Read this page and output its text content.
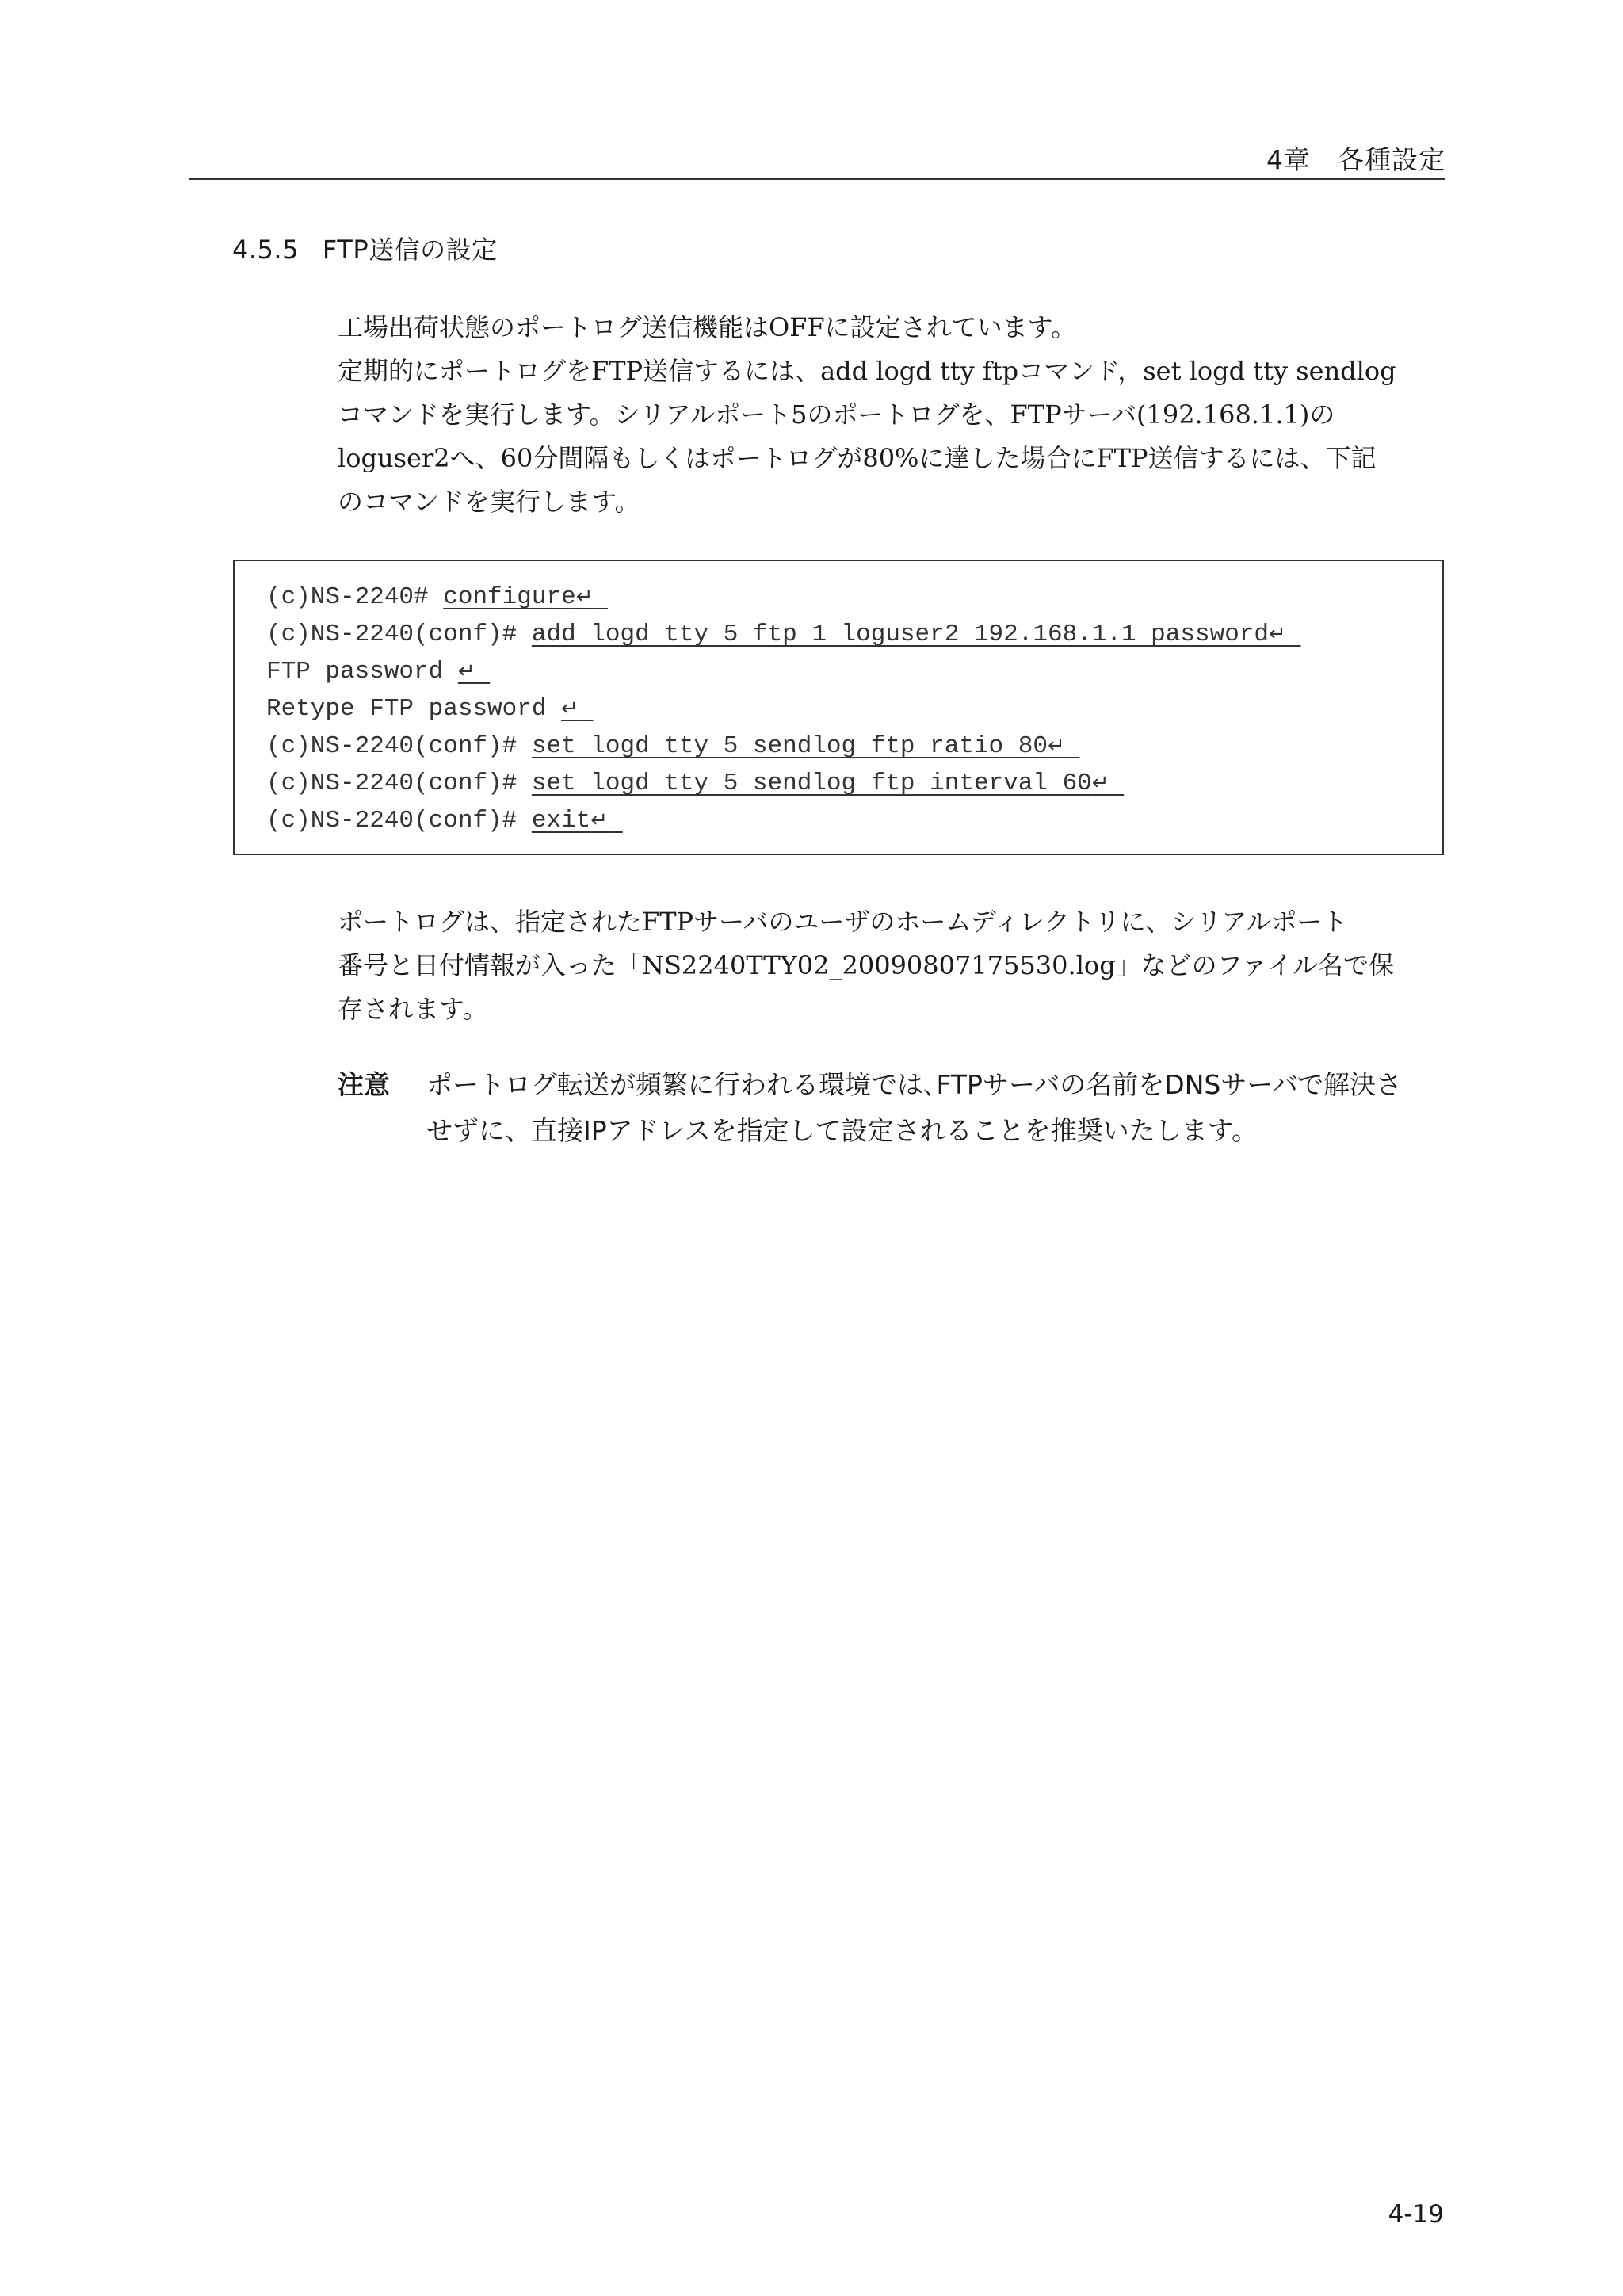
4章　各種設定
4.5.5 FTP送信の設定
工場出荷状態のポートログ送信機能はOFFに設定されています。
定期的にポートログをFTP送信するには、add logd tty ftpコマンド，set logd tty sendlog
コマンドを実行します。シリアルポート5のポートログを、FTPサーバ(192.168.1.1)の
loguser2へ、60分間隔もしくはポートログが80%に達した場合にFTP送信するには、下記
のコマンドを実行します。
(c)NS-2240# configure↵
(c)NS-2240(conf)# add logd tty 5 ftp 1 loguser2 192.168.1.1 password↵
FTP password ↵
Retype FTP password ↵
(c)NS-2240(conf)# set logd tty 5 sendlog ftp ratio 80↵
(c)NS-2240(conf)# set logd tty 5 sendlog ftp interval 60↵
(c)NS-2240(conf)# exit↵
ポートログは、指定されたFTPサーバのユーザのホームディレクトリに、シリアルポート
番号と日付情報が入った「NS2240TTY02_20090807175530.log」などのファイル名で保
存されます。
注意 ポートログ転送が頻繁に行われる環境では､FTPサーバの名前をDNSサーバで解決さ
せずに、直接IPアドレスを指定して設定されることを推奨いたします。
4-19
